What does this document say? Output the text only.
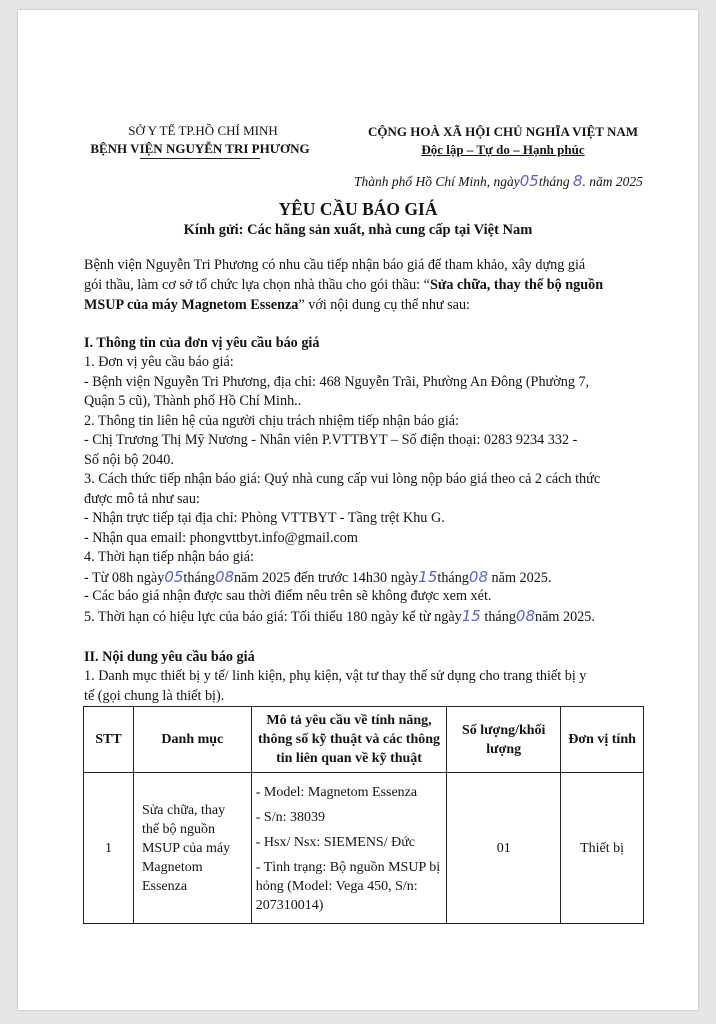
SỞ Y TẾ TP.HỒ CHÍ MINH
BỆNH VIỆN NGUYỄN TRI PHƯƠNG
CỘNG HOÀ XÃ HỘI CHỦ NGHĨA VIỆT NAM
Độc lập – Tự do – Hạnh phúc
Thành phố Hồ Chí Minh, ngày05tháng 8. năm 2025
YÊU CẦU BÁO GIÁ
Kính gửi: Các hãng sản xuất, nhà cung cấp tại Việt Nam
Bệnh viện Nguyễn Tri Phương có nhu cầu tiếp nhận báo giá để tham khảo, xây dựng giá
gói thầu, làm cơ sở tổ chức lựa chọn nhà thầu cho gói thầu: “Sửa chữa, thay thế bộ nguồn
MSUP của máy Magnetom Essenza” với nội dung cụ thể như sau:
I. Thông tin của đơn vị yêu cầu báo giá
1. Đơn vị yêu cầu báo giá:
- Bệnh viện Nguyễn Tri Phương, địa chỉ: 468 Nguyễn Trãi, Phường An Đông (Phường 7,
Quận 5 cũ), Thành phố Hồ Chí Minh..
2. Thông tin liên hệ của người chịu trách nhiệm tiếp nhận báo giá:
- Chị Trương Thị Mỹ Nương - Nhân viên P.VTTBYT – Số điện thoại: 0283 9234 332 -
Số nội bộ 2040.
3. Cách thức tiếp nhận báo giá: Quý nhà cung cấp vui lòng nộp báo giá theo cả 2 cách thức
được mô tả như sau:
- Nhận trực tiếp tại địa chỉ: Phòng VTTBYT - Tầng trệt Khu G.
- Nhận qua email: phongvttbyt.info@gmail.com
4. Thời hạn tiếp nhận báo giá:
- Từ 08h ngày05tháng08năm 2025 đến trước 14h30 ngày15tháng08 năm 2025.
- Các báo giá nhận được sau thời điểm nêu trên sẽ không được xem xét.
5. Thời hạn có hiệu lực của báo giá: Tối thiểu 180 ngày kể từ ngày15 tháng08năm 2025.
II. Nội dung yêu cầu báo giá
1. Danh mục thiết bị y tế/ linh kiện, phụ kiện, vật tư thay thế sử dụng cho trang thiết bị y
tế (gọi chung là thiết bị).
STT	Danh mục	Mô tả yêu cầu về tính năng, thông số kỹ thuật và các thông tin liên quan về kỹ thuật	Số lượng/khối lượng	Đơn vị tính
1	Sửa chữa, thay thế bộ nguồn MSUP của máy Magnetom Essenza	- Model: Magnetom Essenza
- S/n: 38039
- Hsx/ Nsx: SIEMENS/ Đức
- Tình trạng: Bộ nguồn MSUP bị hỏng (Model: Vega 450, S/n: 207310014)	01	Thiết bị
